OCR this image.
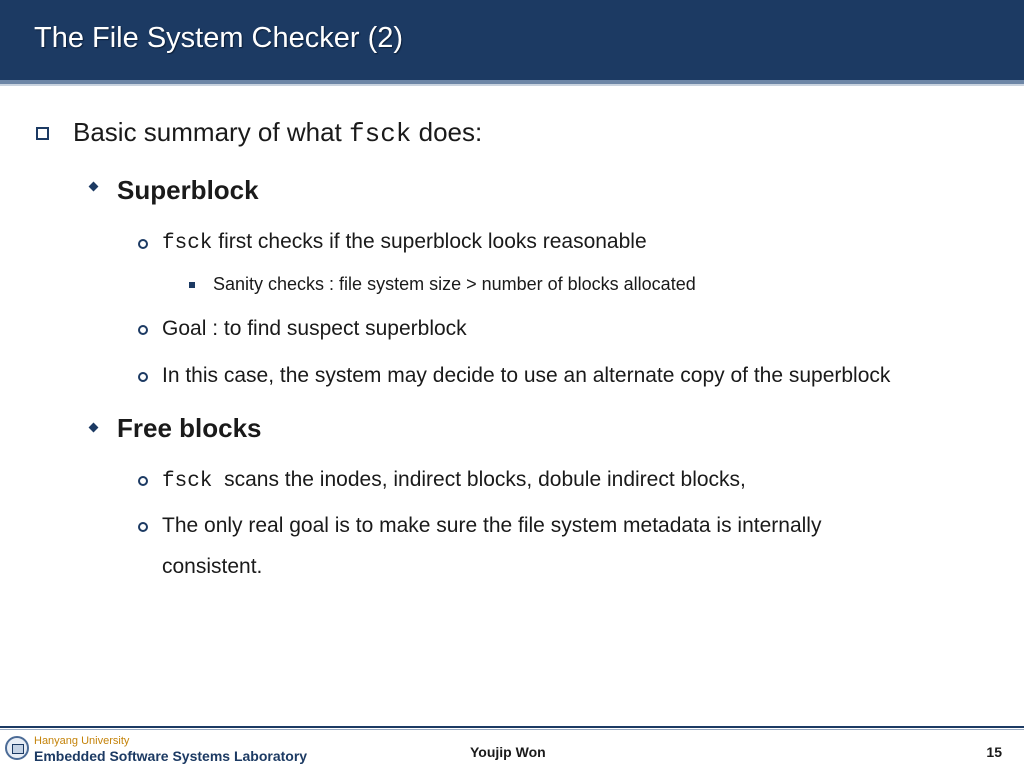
The File System Checker (2)
Basic summary of what fsck does:
Superblock
fsck first checks if the superblock looks reasonable
Sanity checks : file system size > number of blocks allocated
Goal : to find suspect superblock
In this case, the system may decide to use an alternate copy of the superblock
Free blocks
fsck  scans the inodes, indirect blocks, dobule indirect blocks,
The only real goal is to make sure the file system metadata is internally
consistent.
Hanyang University
Embedded Software Systems Laboratory	Youjip Won	15
